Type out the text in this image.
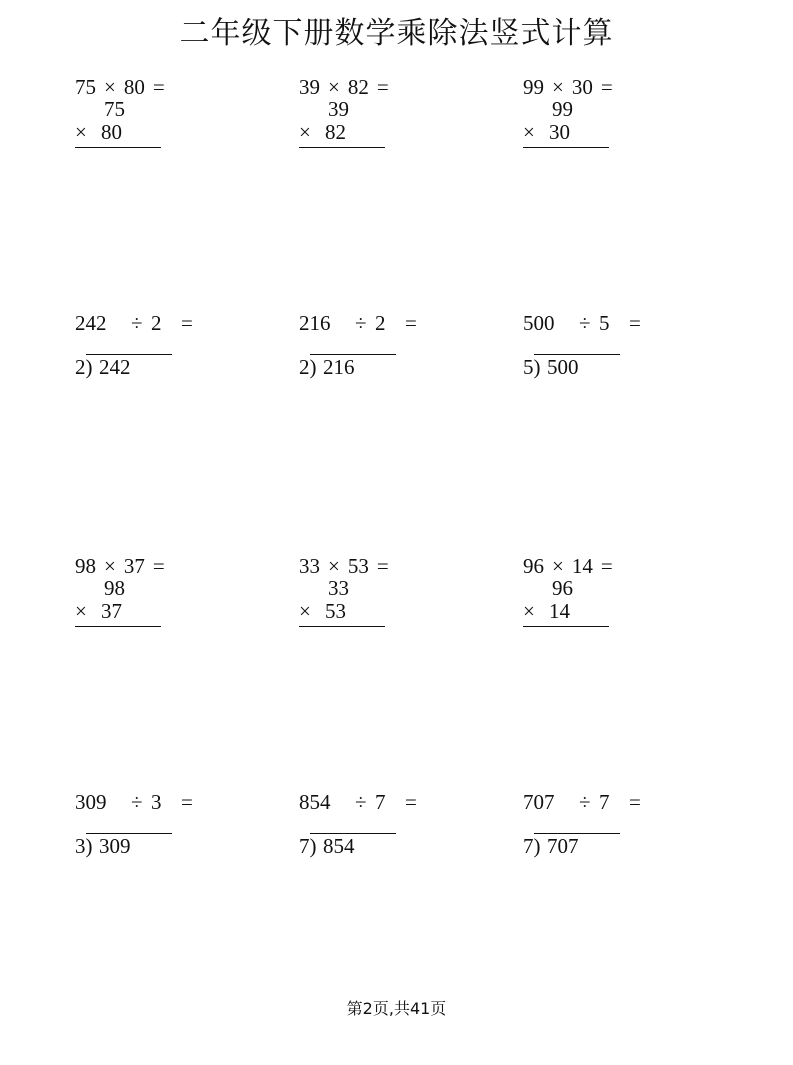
二年级下册数学乘除法竖式计算
75 × 80 =
75
× 80
39 × 82 =
39
× 82
99 × 30 =
99
× 30
242 ÷ 2 =
2) 242
216 ÷ 2 =
2) 216
500 ÷ 5 =
5) 500
98 × 37 =
98
× 37
33 × 53 =
33
× 53
96 × 14 =
96
× 14
309 ÷ 3 =
3) 309
854 ÷ 7 =
7) 854
707 ÷ 7 =
7) 707
第2页,共41页
